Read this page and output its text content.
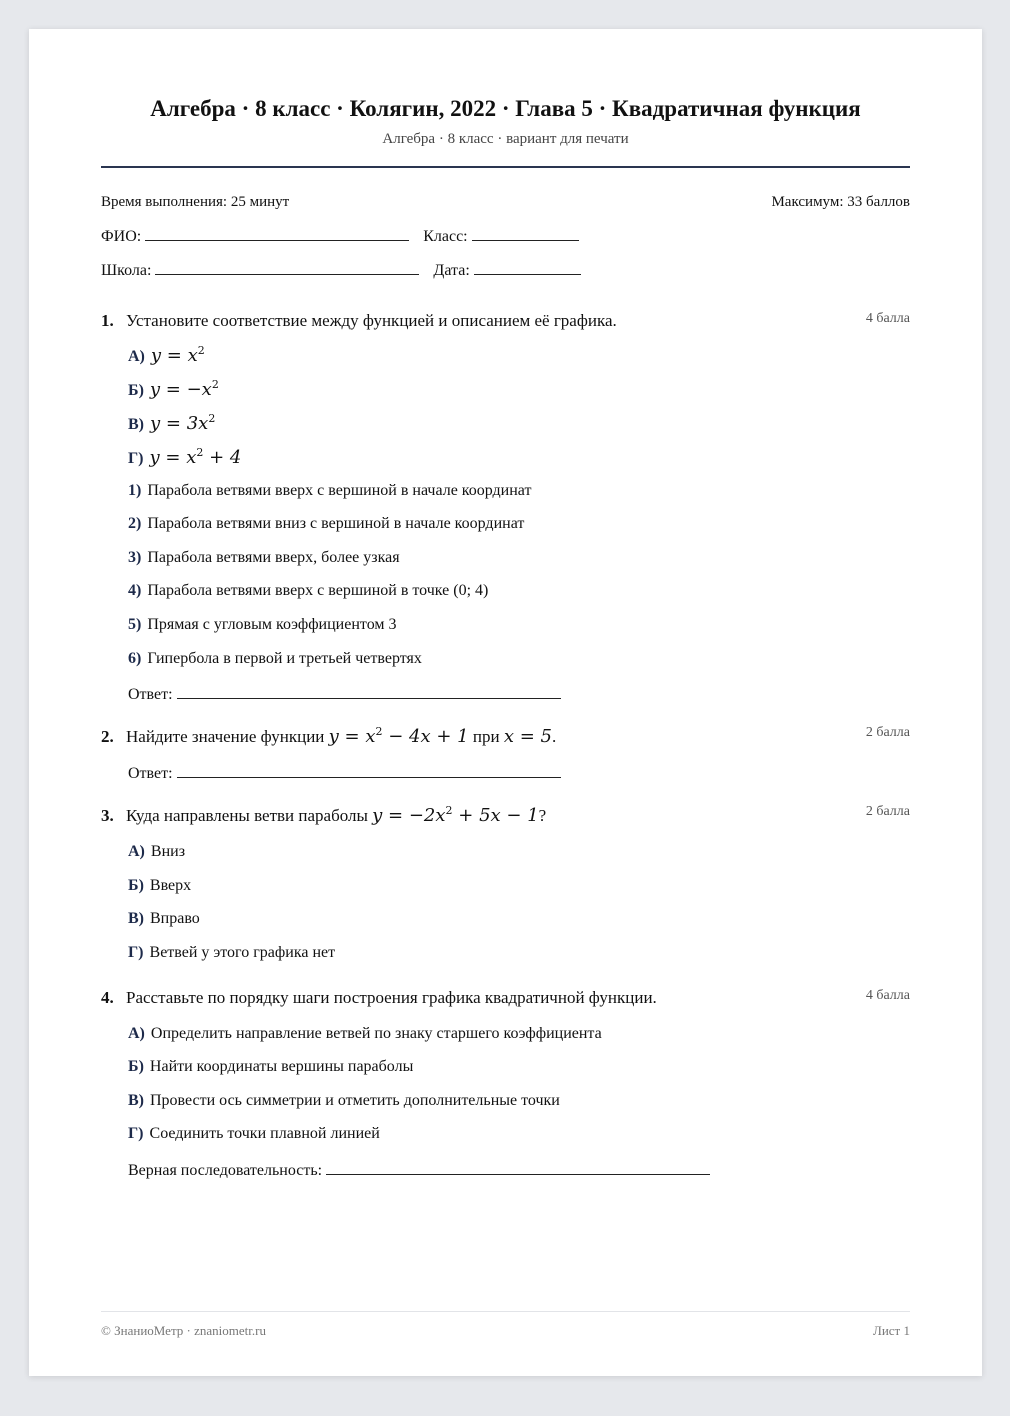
Алгебра · 8 класс · Колягин, 2022 · Глава 5 · Квадратичная функция
Алгебра · 8 класс · вариант для печати
Время выполнения: 25 минут	Максимум: 33 баллов
ФИО:	Класс:
Школа:	Дата:
1. Установите соответствие между функцией и описанием её графика.	4 балла
А) $y = x^2$
Б) $y = -x^2$
В) $y = 3x^2$
Г) $y = x^2 + 4$
1) Парабола ветвями вверх с вершиной в начале координат
2) Парабола ветвями вниз с вершиной в начале координат
3) Парабола ветвями вверх, более узкая
4) Парабола ветвями вверх с вершиной в точке (0; 4)
5) Прямая с угловым коэффициентом 3
6) Гипербола в первой и третьей четвертях
Ответ:
2. Найдите значение функции $y = x^2 - 4x + 1$ при x = 5.	2 балла
Ответ:
3. Куда направлены ветви параболы $y = -2x^2 + 5x - 1$?	2 балла
А) Вниз
Б) Вверх
В) Вправо
Г) Ветвей у этого графика нет
4. Расставьте по порядку шаги построения графика квадратичной функции.	4 балла
А) Определить направление ветвей по знаку старшего коэффициента
Б) Найти координаты вершины параболы
В) Провести ось симметрии и отметить дополнительные точки
Г) Соединить точки плавной линией
Верная последовательность:
© ЗнаниоМетр · znaniometr.ru	Лист 1
